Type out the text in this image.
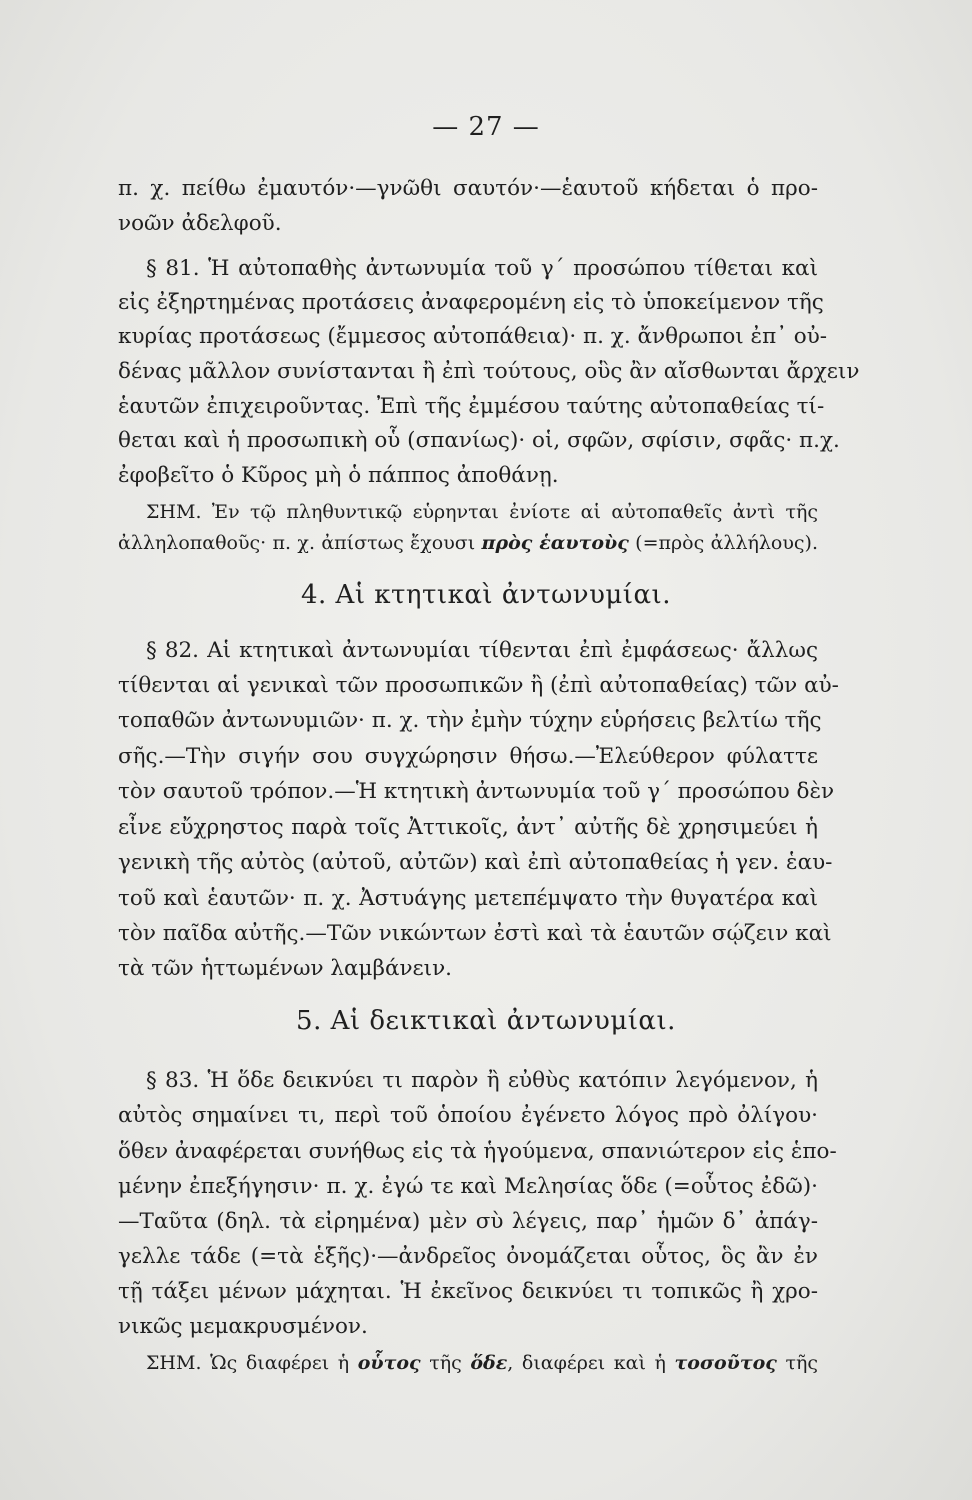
— 27 —
π. χ. πείθω ἐμαυτόν·—γνῶθι σαυτόν·—ἑαυτοῦ κήδεται ὁ προ-
νοῶν ἀδελφοῦ.
§ 81. Ἡ αὐτοπαθὴς ἀντωνυμία τοῦ γ΄ προσώπου τίθεται καὶ
εἰς ἐξηρτημένας προτάσεις ἀναφερομένη εἰς τὸ ὑποκείμενον τῆς
κυρίας προτάσεως (ἔμμεσος αὐτοπάθεια)· π. χ. ἄνθρωποι ἐπ᾿ οὐ-
δένας μᾶλλον συνίστανται ἢ ἐπὶ τούτους, οὓς ἂν αἴσθωνται ἄρχειν
ἑαυτῶν ἐπιχειροῦντας. Ἐπὶ τῆς ἐμμέσου ταύτης αὐτοπαθείας τί-
θεται καὶ ἡ προσωπικὴ οὗ (σπανίως)· οἱ, σφῶν, σφίσιν, σφᾶς· π.χ.
ἐφοβεῖτο ὁ Κῦρος μὴ ὁ πάππος ἀποθάνῃ.
ΣΗΜ. Ἐν τῷ πληθυντικῷ εὑρηνται ἐνίοτε αἱ αὐτοπαθεῖς ἀντὶ τῆς
ἀλληλοπαθοῦς· π. χ. ἀπίστως ἔχουσι πρὸς ἑαυτοὺς (=πρὸς ἀλλήλους).
4. Αἱ κτητικαὶ ἀντωνυμίαι.
§ 82. Αἱ κτητικαὶ ἀντωνυμίαι τίθενται ἐπὶ ἐμφάσεως· ἄλλως
τίθενται αἱ γενικαὶ τῶν προσωπικῶν ἢ (ἐπὶ αὐτοπαθείας) τῶν αὐ-
τοπαθῶν ἀντωνυμιῶν· π. χ. τὴν ἐμὴν τύχην εὑρήσεις βελτίω τῆς
σῆς.—Τὴν σιγήν σου συγχώρησιν θήσω.—Ἐλεύθερον φύλαττε
τὸν σαυτοῦ τρόπον.—Ἡ κτητικὴ ἀντωνυμία τοῦ γ΄ προσώπου δὲν
εἶνε εὔχρηστος παρὰ τοῖς Ἀττικοῖς, ἀντ᾿ αὐτῆς δὲ χρησιμεύει ἡ
γενικὴ τῆς αὐτὸς (αὐτοῦ, αὐτῶν) καὶ ἐπὶ αὐτοπαθείας ἡ γεν. ἑαυ-
τοῦ καὶ ἑαυτῶν· π. χ. Ἀστυάγης μετεπέμψατο τὴν θυγατέρα καὶ
τὸν παῖδα αὐτῆς.—Τῶν νικώντων ἐστὶ καὶ τὰ ἑαυτῶν σῴζειν καὶ
τὰ τῶν ἡττωμένων λαμβάνειν.
5. Αἱ δεικτικαὶ ἀντωνυμίαι.
§ 83. Ἡ ὅδε δεικνύει τι παρὸν ἢ εὐθὺς κατόπιν λεγόμενον, ἡ
αὐτὸς σημαίνει τι, περὶ τοῦ ὁποίου ἐγένετο λόγος πρὸ ὀλίγου·
ὅθεν ἀναφέρεται συνήθως εἰς τὰ ἡγούμενα, σπανιώτερον εἰς ἑπο-
μένην ἐπεξήγησιν· π. χ. ἐγώ τε καὶ Μελησίας ὅδε (=οὗτος ἐδῶ)·
—Ταῦτα (δηλ. τὰ εἰρημένα) μὲν σὺ λέγεις, παρ᾿ ἡμῶν δ᾿ ἀπάγ-
γελλε τάδε (=τὰ ἑξῆς)·—ἀνδρεῖος ὀνομάζεται οὗτος, ὃς ἂν ἐν
τῇ τάξει μένων μάχηται. Ἡ ἐκεῖνος δεικνύει τι τοπικῶς ἢ χρο-
νικῶς μεμακρυσμένον.
ΣΗΜ. Ὡς διαφέρει ἡ οὗτος τῆς ὅδε, διαφέρει καὶ ἡ τοσοῦτος τῆς
